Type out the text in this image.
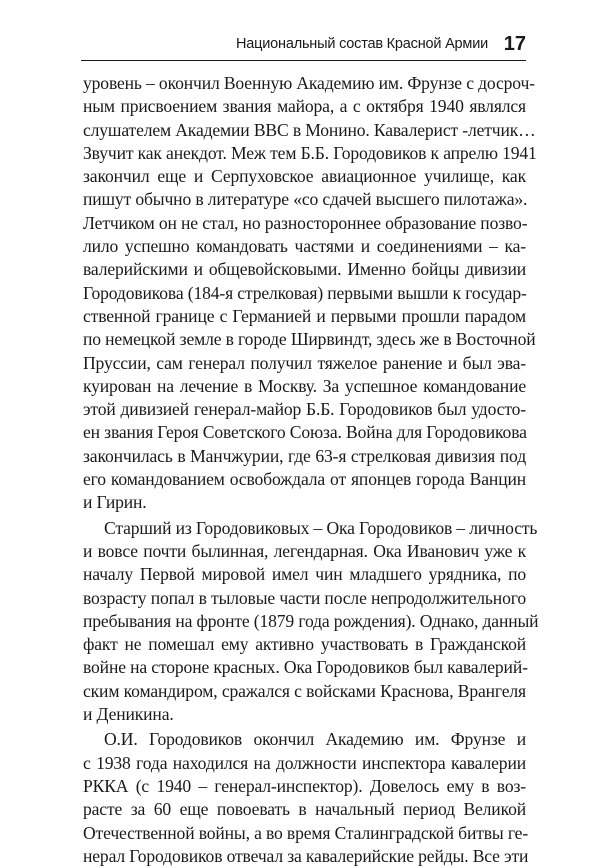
Национальный состав Красной Армии 17
уровень – окончил Военную Академию им. Фрунзе с досроч-
ным присвоением звания майора, а с октября 1940 являлся
слушателем Академии ВВС в Монино. Кавалерист -летчик…
Звучит как анекдот. Меж тем Б.Б. Городовиков к апрелю 1941
закончил еще и Серпуховское авиационное училище, как
пишут обычно в литературе «со сдачей высшего пилотажа».
Летчиком он не стал, но разностороннее образование позво-
лило успешно командовать частями и соединениями – ка-
валерийскими и общевойсковыми. Именно бойцы дивизии
Городовикова (184-я стрелковая) первыми вышли к государ-
ственной границе с Германией и первыми прошли парадом
по немецкой земле в городе Ширвиндт, здесь же в Восточной
Пруссии, сам генерал получил тяжелое ранение и был эва-
куирован на лечение в Москву. За успешное командование
этой дивизией генерал-майор Б.Б. Городовиков был удосто-
ен звания Героя Советского Союза. Война для Городовикова
закончилась в Манчжурии, где 63-я стрелковая дивизия под
его командованием освобождала от японцев города Ванцин
и Гирин.
Старший из Городовиковых – Ока Городовиков – личность
и вовсе почти былинная, легендарная. Ока Иванович уже к
началу Первой мировой имел чин младшего урядника, по
возрасту попал в тыловые части после непродолжительного
пребывания на фронте (1879 года рождения). Однако, данный
факт не помешал ему активно участвовать в Гражданской
войне на стороне красных. Ока Городовиков был кавалерий-
ским командиром, сражался с войсками Краснова, Врангеля
и Деникина.
О.И. Городовиков окончил Академию им. Фрунзе и
с 1938 года находился на должности инспектора кавалерии
РККА (с 1940 – генерал-инспектор). Довелось ему в воз-
расте за 60 еще повоевать в начальный период Великой
Отечественной войны, а во время Сталинградской битвы ге-
нерал Городовиков отвечал за кавалерийские рейды. Все эти
